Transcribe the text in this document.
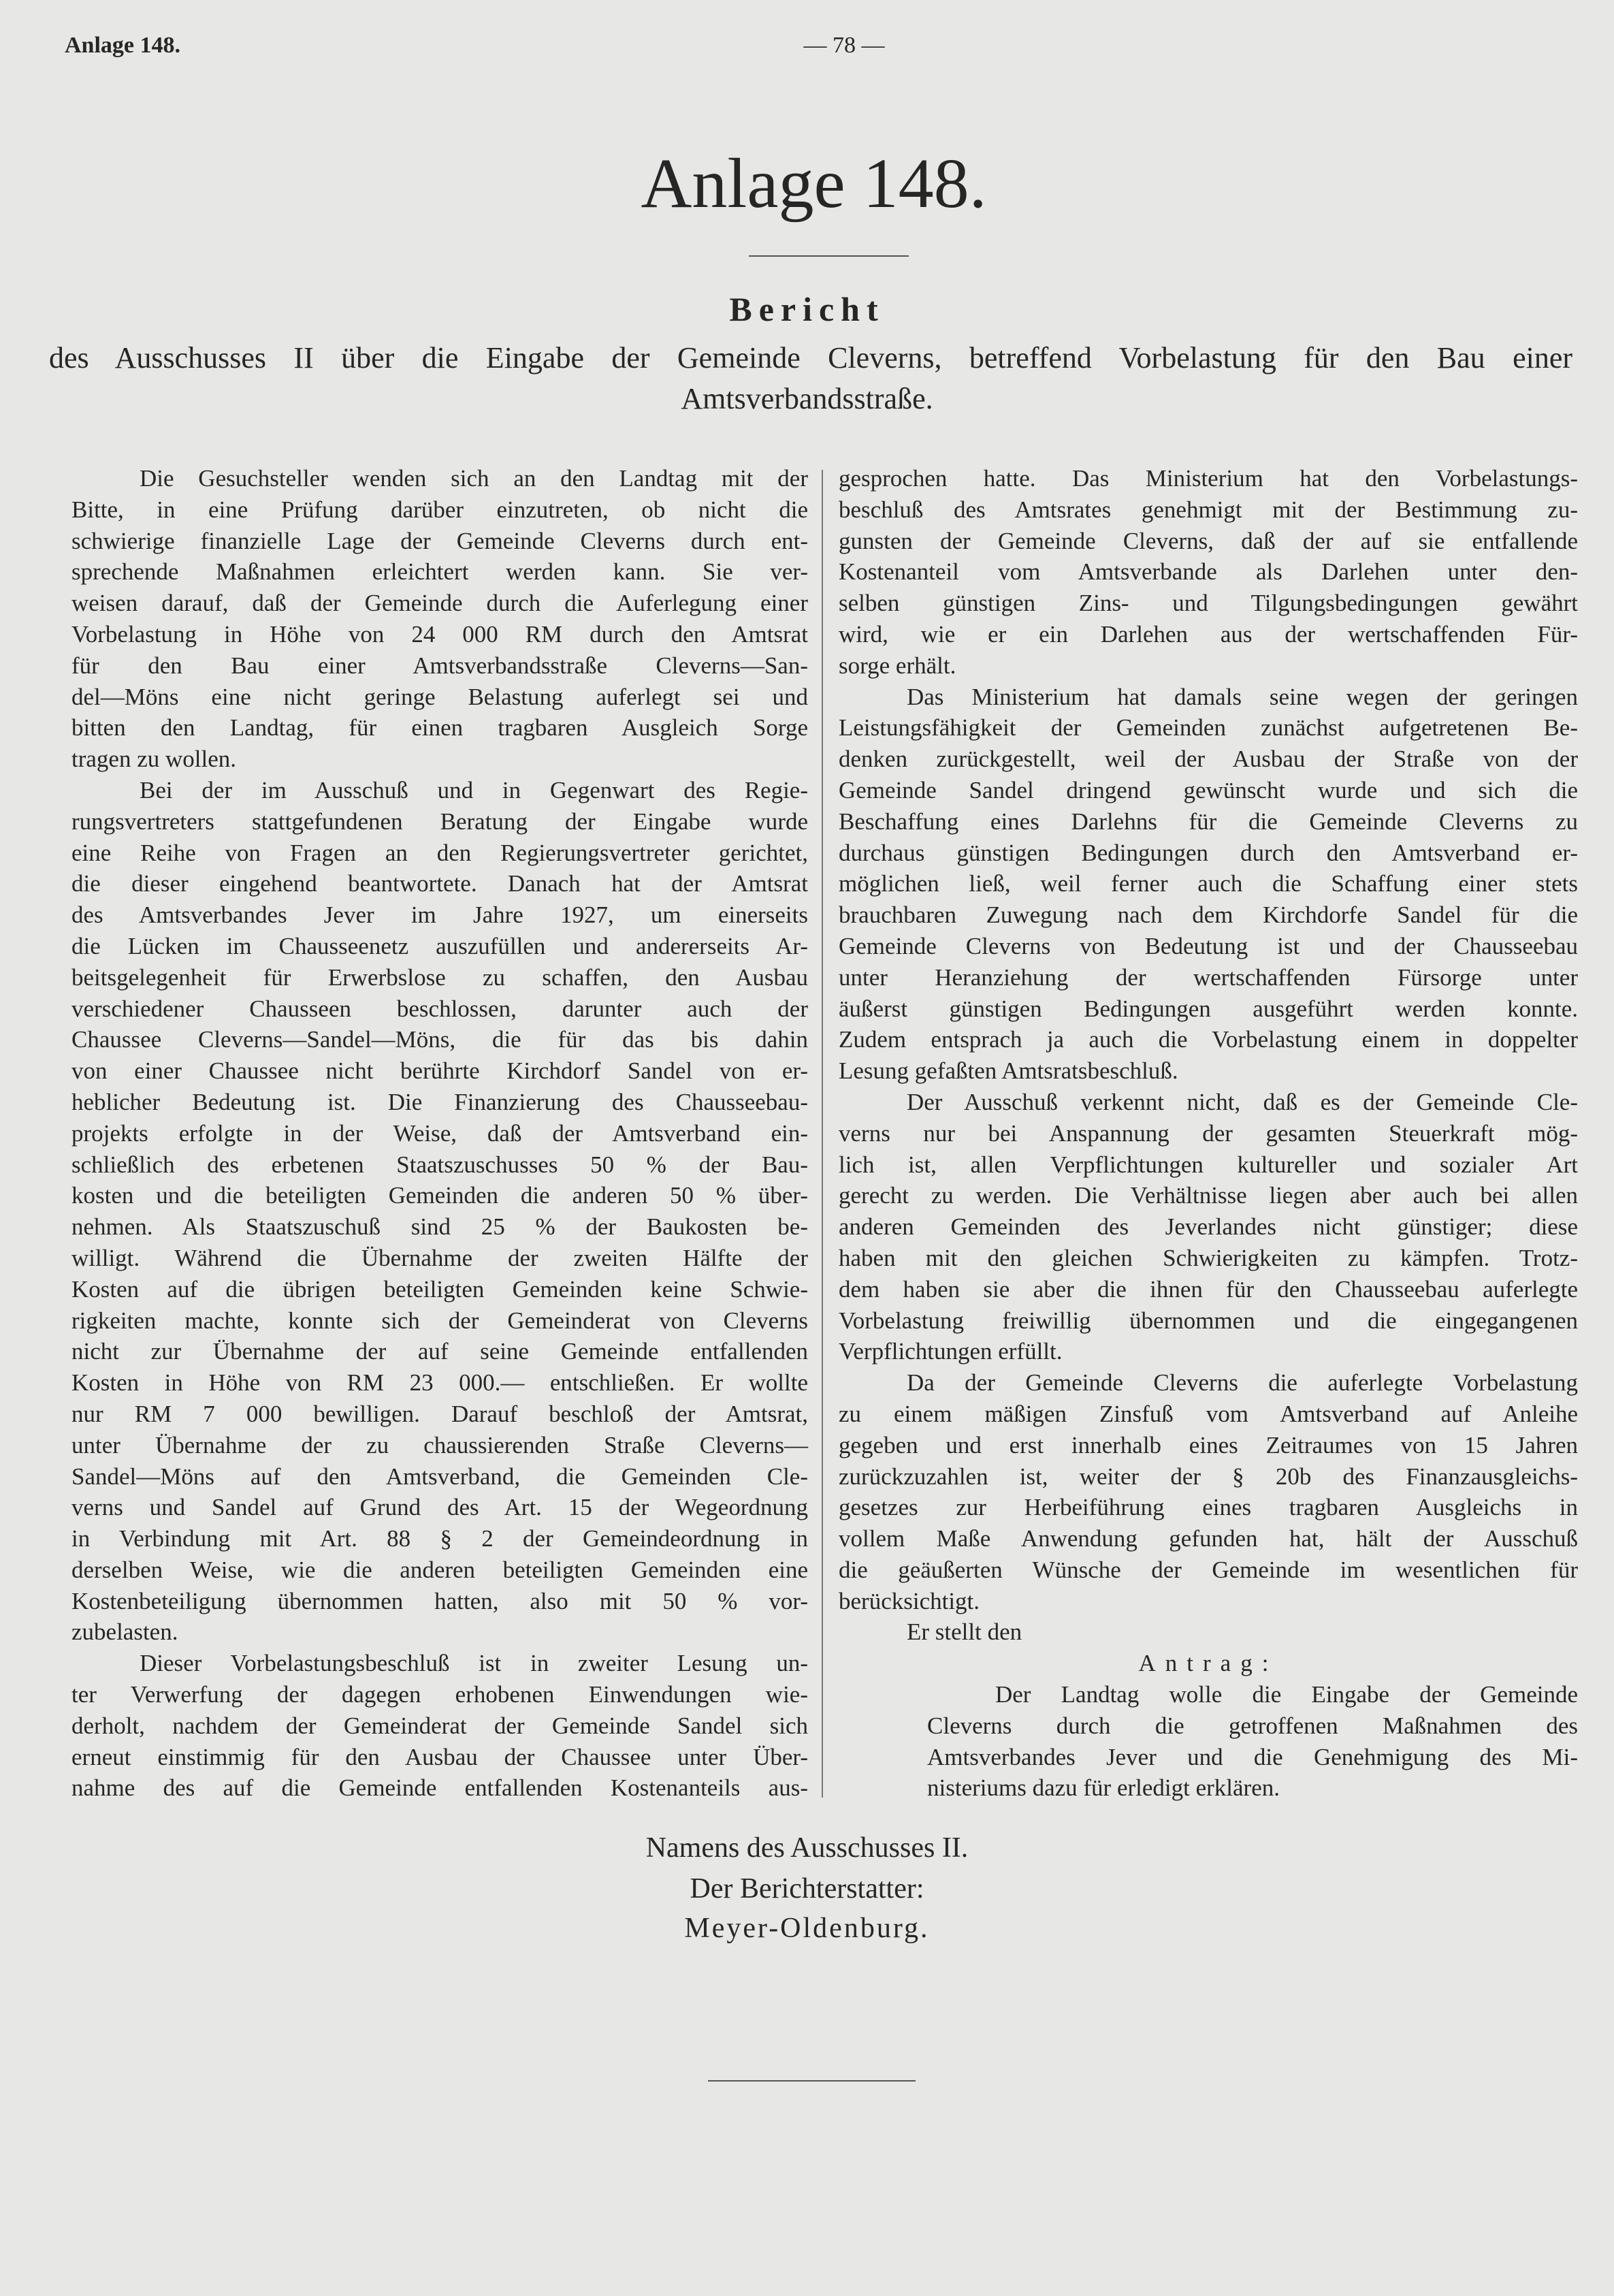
Anlage 148.	— 78 —
Anlage 148.
Bericht
des Ausschusses II über die Eingabe der Gemeinde Cleverns, betreffend Vorbelastung für den Bau einer
Amtsverbandsstraße.
Die Gesuchsteller wenden sich an den Landtag mit der
Bitte, in eine Prüfung darüber einzutreten, ob nicht die
schwierige finanzielle Lage der Gemeinde Cleverns durch ent-
sprechende Maßnahmen erleichtert werden kann. Sie ver-
weisen darauf, daß der Gemeinde durch die Auferlegung einer
Vorbelastung in Höhe von 24 000 RM durch den Amtsrat
für den Bau einer Amtsverbandsstraße Cleverns—San-
del—Möns eine nicht geringe Belastung auferlegt sei und
bitten den Landtag, für einen tragbaren Ausgleich Sorge
tragen zu wollen.
Bei der im Ausschuß und in Gegenwart des Regie-
rungsvertreters stattgefundenen Beratung der Eingabe wurde
eine Reihe von Fragen an den Regierungsvertreter gerichtet,
die dieser eingehend beantwortete. Danach hat der Amtsrat
des Amtsverbandes Jever im Jahre 1927, um einerseits
die Lücken im Chausseenetz auszufüllen und andererseits Ar-
beitsgelegenheit für Erwerbslose zu schaffen, den Ausbau
verschiedener Chausseen beschlossen, darunter auch der
Chaussee Cleverns—Sandel—Möns, die für das bis dahin
von einer Chaussee nicht berührte Kirchdorf Sandel von er-
heblicher Bedeutung ist. Die Finanzierung des Chausseebau-
projekts erfolgte in der Weise, daß der Amtsverband ein-
schließlich des erbetenen Staatszuschusses 50 % der Bau-
kosten und die beteiligten Gemeinden die anderen 50 % über-
nehmen. Als Staatszuschuß sind 25 % der Baukosten be-
willigt. Während die Übernahme der zweiten Hälfte der
Kosten auf die übrigen beteiligten Gemeinden keine Schwie-
rigkeiten machte, konnte sich der Gemeinderat von Cleverns
nicht zur Übernahme der auf seine Gemeinde entfallenden
Kosten in Höhe von RM 23 000.— entschließen. Er wollte
nur RM 7 000 bewilligen. Darauf beschloß der Amtsrat,
unter Übernahme der zu chaussierenden Straße Cleverns—
Sandel—Möns auf den Amtsverband, die Gemeinden Cle-
verns und Sandel auf Grund des Art. 15 der Wegeordnung
in Verbindung mit Art. 88 § 2 der Gemeindeordnung in
derselben Weise, wie die anderen beteiligten Gemeinden eine
Kostenbeteiligung übernommen hatten, also mit 50 % vor-
zubelasten.
Dieser Vorbelastungsbeschluß ist in zweiter Lesung un-
ter Verwerfung der dagegen erhobenen Einwendungen wie-
derholt, nachdem der Gemeinderat der Gemeinde Sandel sich
erneut einstimmig für den Ausbau der Chaussee unter Über-
nahme des auf die Gemeinde entfallenden Kostenanteils aus-
gesprochen hatte. Das Ministerium hat den Vorbelastungs-
beschluß des Amtsrates genehmigt mit der Bestimmung zu-
gunsten der Gemeinde Cleverns, daß der auf sie entfallende
Kostenanteil vom Amtsverbande als Darlehen unter den-
selben günstigen Zins- und Tilgungsbedingungen gewährt
wird, wie er ein Darlehen aus der wertschaffenden Für-
sorge erhält.
Das Ministerium hat damals seine wegen der geringen
Leistungsfähigkeit der Gemeinden zunächst aufgetretenen Be-
denken zurückgestellt, weil der Ausbau der Straße von der
Gemeinde Sandel dringend gewünscht wurde und sich die
Beschaffung eines Darlehns für die Gemeinde Cleverns zu
durchaus günstigen Bedingungen durch den Amtsverband er-
möglichen ließ, weil ferner auch die Schaffung einer stets
brauchbaren Zuwegung nach dem Kirchdorfe Sandel für die
Gemeinde Cleverns von Bedeutung ist und der Chausseebau
unter Heranziehung der wertschaffenden Fürsorge unter
äußerst günstigen Bedingungen ausgeführt werden konnte.
Zudem entsprach ja auch die Vorbelastung einem in doppelter
Lesung gefaßten Amtsratsbeschluß.
Der Ausschuß verkennt nicht, daß es der Gemeinde Cle-
verns nur bei Anspannung der gesamten Steuerkraft mög-
lich ist, allen Verpflichtungen kultureller und sozialer Art
gerecht zu werden. Die Verhältnisse liegen aber auch bei allen
anderen Gemeinden des Jeverlandes nicht günstiger; diese
haben mit den gleichen Schwierigkeiten zu kämpfen. Trotz-
dem haben sie aber die ihnen für den Chausseebau auferlegte
Vorbelastung freiwillig übernommen und die eingegangenen
Verpflichtungen erfüllt.
Da der Gemeinde Cleverns die auferlegte Vorbelastung
zu einem mäßigen Zinsfuß vom Amtsverband auf Anleihe
gegeben und erst innerhalb eines Zeitraumes von 15 Jahren
zurückzuzahlen ist, weiter der § 20b des Finanzausgleichs-
gesetzes zur Herbeiführung eines tragbaren Ausgleichs in
vollem Maße Anwendung gefunden hat, hält der Ausschuß
die geäußerten Wünsche der Gemeinde im wesentlichen für
berücksichtigt.
Er stellt den
Antrag:
Der Landtag wolle die Eingabe der Gemeinde
Cleverns durch die getroffenen Maßnahmen des
Amtsverbandes Jever und die Genehmigung des Mi-
nisteriums dazu für erledigt erklären.
Namens des Ausschusses II.
Der Berichterstatter:
Meyer-Oldenburg.
